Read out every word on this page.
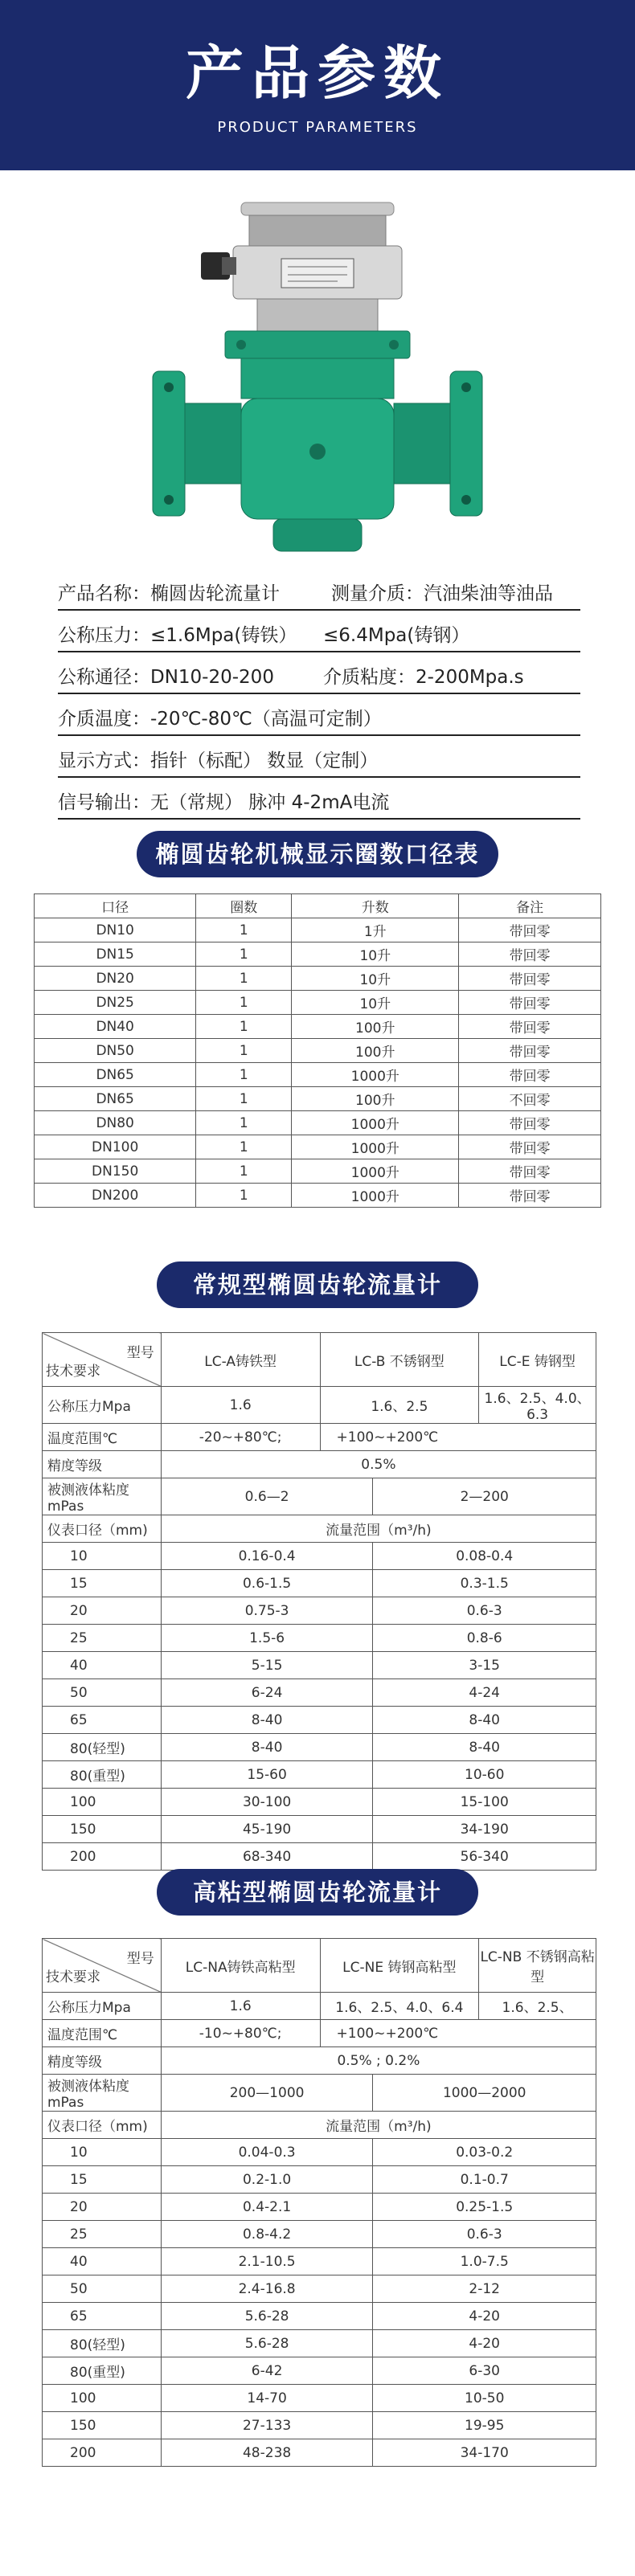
产品参数
PRODUCT PARAMETERS
产品名称：椭圆齿轮流量计	测量介质：汽油柴油等油品
公称压力：≤1.6Mpa(铸铁） ≤6.4Mpa(铸钢）
公称通径：DN10-20-200	介质粘度：2-200Mpa.s
介质温度：-20℃-80℃（高温可定制）
显示方式：指针（标配） 数显（定制）
信号输出：无（常规） 脉冲 4-2mA电流
椭圆齿轮机械显示圈数口径表
口径	圈数	升数	备注
DN10	1	1升	带回零
DN15	1	10升	带回零
DN20	1	10升	带回零
DN25	1	10升	带回零
DN40	1	100升	带回零
DN50	1	100升	带回零
DN65	1	1000升	带回零
DN65	1	100升	不回零
DN80	1	1000升	带回零
DN100	1	1000升	带回零
DN150	1	1000升	带回零
DN200	1	1000升	带回零
常规型椭圆齿轮流量计
型号
技术要求	LC-A铸铁型	LC-B 不锈钢型		LC-E 铸钢型
公称压力Mpa	1.6	1.6、2.5		1.6、2.5、4.0、6.3
温度范围℃	-20~+80℃;	+100~+200℃		
精度等级	0.5%			
被测液体粘度mPas	0.6—2		2—200	
仪表口径（mm)	流量范围（m³/h)			
10	0.16-0.4		0.08-0.4	
15	0.6-1.5		0.3-1.5	
20	0.75-3		0.6-3	
25	1.5-6		0.8-6	
40	5-15		3-15	
50	6-24		4-24	
65	8-40		8-40	
80(轻型)	8-40		8-40	
80(重型)	15-60		10-60	
100	30-100		15-100	
150	45-190		34-190	
200	68-340		56-340	
高粘型椭圆齿轮流量计
型号
技术要求	LC-NA铸铁高粘型	LC-NE 铸钢高粘型		LC-NB 不锈钢高粘型
公称压力Mpa	1.6	1.6、2.5、4.0、6.4		1.6、2.5、
温度范围℃	-10~+80℃;	+100~+200℃		
精度等级	0.5% ; 0.2%			
被测液体粘度mPas	200—1000		1000—2000	
仪表口径（mm)	流量范围（m³/h)			
10	0.04-0.3		0.03-0.2	
15	0.2-1.0		0.1-0.7	
20	0.4-2.1		0.25-1.5	
25	0.8-4.2		0.6-3	
40	2.1-10.5		1.0-7.5	
50	2.4-16.8		2-12	
65	5.6-28		4-20	
80(轻型)	5.6-28		4-20	
80(重型)	6-42		6-30	
100	14-70		10-50	
150	27-133		19-95	
200	48-238		34-170	
